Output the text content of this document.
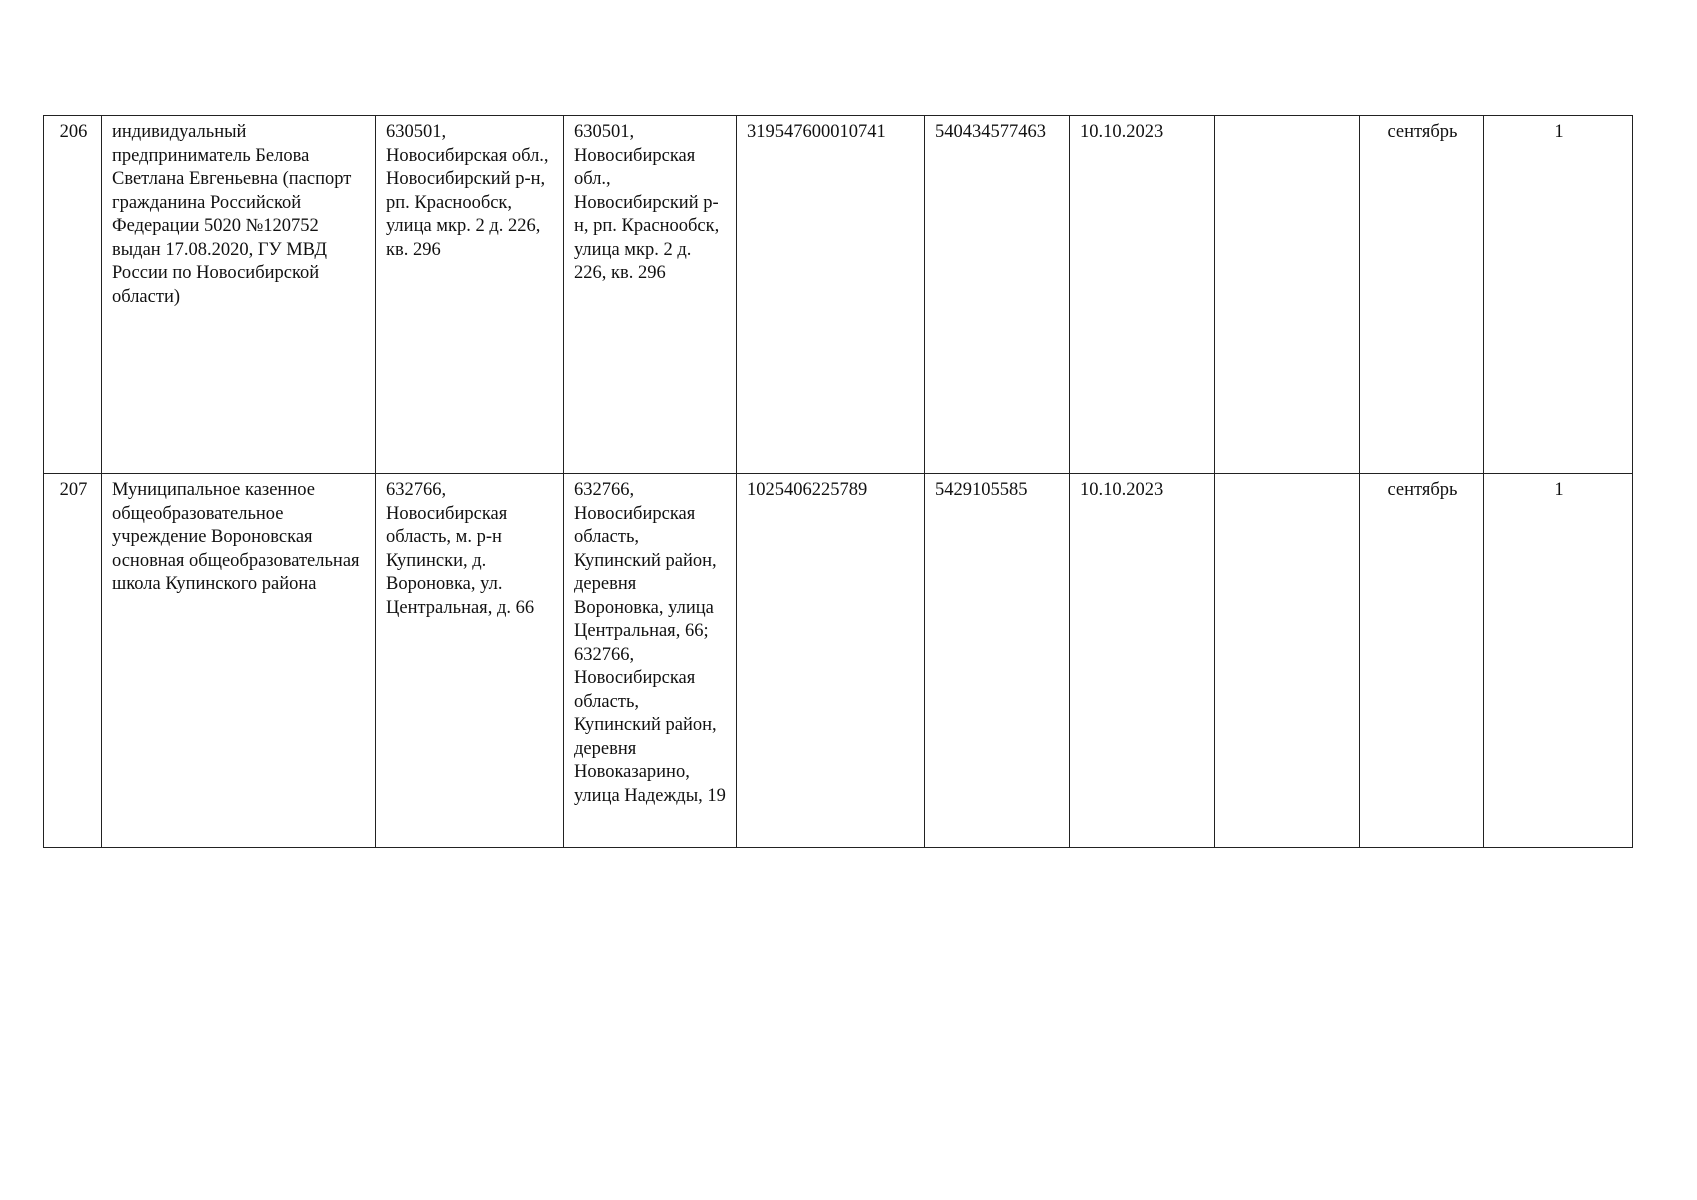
206	индивидуальный предприниматель Белова Светлана Евгеньевна (паспорт гражданина Российской Федерации 5020 №120752 выдан 17.08.2020, ГУ МВД России по Новосибирской области)	630501, Новосибирская обл., Новосибирский р-н, рп. Краснообск, улица мкр. 2 д. 226, кв. 296	630501, Новосибирская обл., Новосибирский р-н, рп. Краснообск, улица мкр. 2 д. 226, кв. 296	319547600010741	540434577463	10.10.2023		сентябрь	1
207	Муниципальное казенное общеобразовательное учреждение Вороновская основная общеобразовательная школа Купинского района	632766, Новосибирская область, м. р-н Купински, д. Вороновка, ул. Центральная, д. 66	632766, Новосибирская область, Купинский район, деревня Вороновка, улица Центральная, 66; 632766, Новосибирская область, Купинский район, деревня Новоказарино, улица Надежды, 19	1025406225789	5429105585	10.10.2023		сентябрь	1
